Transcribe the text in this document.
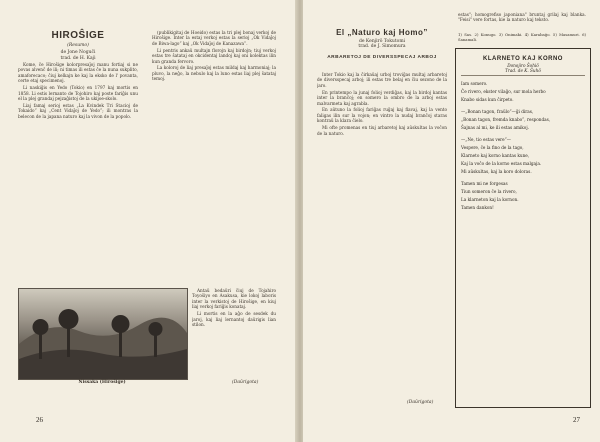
HIROŜIGE
(Resumo)
de Jone Noguĉi
trad. de H. Kaji

Kome, ĉe Hiroŝige kolorpresaĵoj manu fortiaj si ne povas alvenĉ de ili; ni timas ili estas ĉe la nuna sukplito, amaforecaco; ĉiuj kelkajn ke kaj la eksko de l' povanta, certe etaj specimenoj.

Li naskiĝis en Yedo (Tokio) en 1797 kaj mortis en 1858. Li estis lernanto de Tojohiro kaj poste fariĝis unu el la plej grandaj pejzaĝistoj de la ukijoe-skolo.

Liaj famaj serioj estas „La Kvindek Tri Stacioj de Tokaido” kaj „Cent Vidaĵoj de Yedo”; ili montras la belecon de la japana naturo kaj la vivon de la popolo.

(publikigitaj de Hoeido) estas la tri plej bonaj verkoj de Hiroŝige. Inter la estaj verkoj estas la serioj „Ok Vidaĵoj de Biwa-lago” kaj „Ok Vidaĵoj de Kanazawa”.

Li pentris ankaŭ multajn florojn kaj birdojn; tiuj verkoj estas tre ŝatataj en okcidentaj landoj kaj oni kolektas ilin kun granda fervoro.

La koloroj de liaj presaĵoj estas mildaj kaj harmoniaj; la pluvo, la neĝo, la nebulo kaj la luno estas liaj plej ŝatataj temoj.

Nissaka (Hiroŝige)

Antaŭ bedaŭri ĉiuj de Tojahiro Toyoŝiyo en Asakusa, kie lokoj laboris inter la verkistoj de Hiroŝige, en kiuj liaj verkoj fariĝis konataj.

Li mortis en la aĝo de sesdek du jaroj, kaj liaj lernantoj daŭrigis lian stilon.

(Daŭrigota)
26
El „Naturo kaj Homo”
de Kenjirô Tokutomi
trad. de J. Simomura
ARBARETOJ DE DIVERSSPECAJ ARBOJ

Inter Tokio kaj la ĉirkaŭaj urboj troviĝas multaj arbaretoj de diversspecaj arboj; ili estas tre belaj en ĉiu sezono de la jaro.

En printempo la junaj folioj verdiĝas, kaj la birdoj kantas inter la branĉoj; en somero la ombro de la arboj estas malvarmeta kaj agrabla.

En aŭtuno la folioj fariĝas ruĝaj kaj flavaj, kaj la vento faligas ilin sur la vojon; en vintro la nudaj branĉoj staras kontraŭ la klara ĉielo.

Mi ofte promenas en tiuj arbaretoj kaj aŭskultas la voĉon de la naturo.

(Daŭrigota)
estas"; homogrefiso japoniana" bruntaj grilaj kaj blanka. "Feisi" vere fortas, kie la naturo kaj teksto.
1) Sas. 2) Konugo. 3) Onimaki. 4) Karabaĝo. 5) Masamuri. 6) Sanamali.
KLARNETO KAJ KORNO
Donojiro Ŝohiô
Trad. de K. Ŝuhô
Iam somero.
Ĉe rivero, ekster vilaĝo, sur mola herbo
Knabo sidas kun ĉirpeto.
—„Bonan tagon, fraŭlo”—ĝi diras,
„Bonan tagon, fremda knabo”, respondas,
Ŝajnas al mi, ke ili estas amikoj.
—„Ne, tio estas vere”—
Vespere, ĉe la fino de la tago,
Klarneto kaj korno kantas kune,
Kaj la voĉo de la korno estas malgaja.
Mi aŭskultas, kaj la koro doloras.
Tamen mi ne forgesas
Tiun someron ĉe la rivero,
La klarneton kaj la kornon.
Tamen dankon!
27
